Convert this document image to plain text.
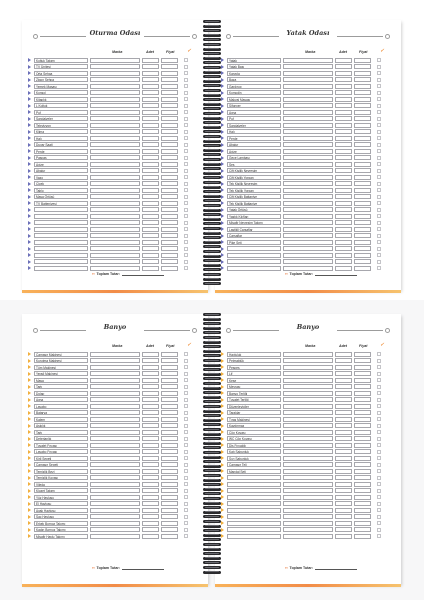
Oturma Odası
Marka	Adet	Fiyat	✓
Koltuk Takımı
TV Ünitesi
Orta Sehpa
Zigon Sehpa
Yemek Masası
Konsol
Kitaplık
L Koltuk
Puf
Sandalyeler
Televizyon
Klima
Halı
Duvar Saati
Perde
Paspas
Avize
Abajur
Vazo
Çiçek
Tablo
Masa Örtüsü
TV Batteniyesi
➸ Toplam Tutar:
Yatak Odası
Marka	Adet	Fiyat	✓
Yatak
Yatak Başı
Karyola
Baza
Gardırop
Komodin
Makyaj Masası
Şifonyer
Ayna
Puf
Sandalyeler
Halı
Perde
Abajur
Avize
Gece Lambası
Ses
Çift Kişilik Nevresim
Çift Kişilik Yorgan
Tek Kişilik Nevresim
Tek Kişilik Yorgan
Çift Kişilik Battaniye
Tek Kişilik Battaniye
Yatak Örtüsü
Yastık Kılıfları
Misafir Nevresim Takımı
Lastikli Çarşaflar
Çarşaflar
Pike Seti
➸ Toplam Tutar:
Banyo
Marka	Adet	Fiyat	✓
Çamaşır Makinesi
Kurutma Makinesi
Tüm Makinesi
Yerağ Makinesi
Maşa
Tartı
Dolap
Ayna
Lavabo
Batarya
Kalem
Askılık
Tartı
Deterjanlık
Tuvalet Fırçası
Lavabo Fırçası
Kirli Sepeti
Çamaşır Sepeti
Temizlik Bezi
Temizlik Kovası
Vileda
Klozet Takımı
Yüz Havlusu
El Havlusu
Ayak Havlusu
Saç Havlusu
Erkek Bornoz Takımı
Kadın Bornoz Takımı
Misafir Havlu Takımı
➸ Toplam Tutar:
Banyo
Marka	Adet	Fiyat	✓
Havluluk
Pelmaktük
Peşpeş
Lif
Kese
Meyraşı
Banyo Terliği
Tuvalet Terliği
Düzenleyiciler
Taraklar
Tıraş Makinesi
Kaydırmaz
Çöp Kovası
WC Çöp Kovası
Diş Fırçalığı
Katı Sabunluk
Sıvı Sabunluk
Çamaşır Teli
Mandal Seti
➸ Toplam Tutar:
